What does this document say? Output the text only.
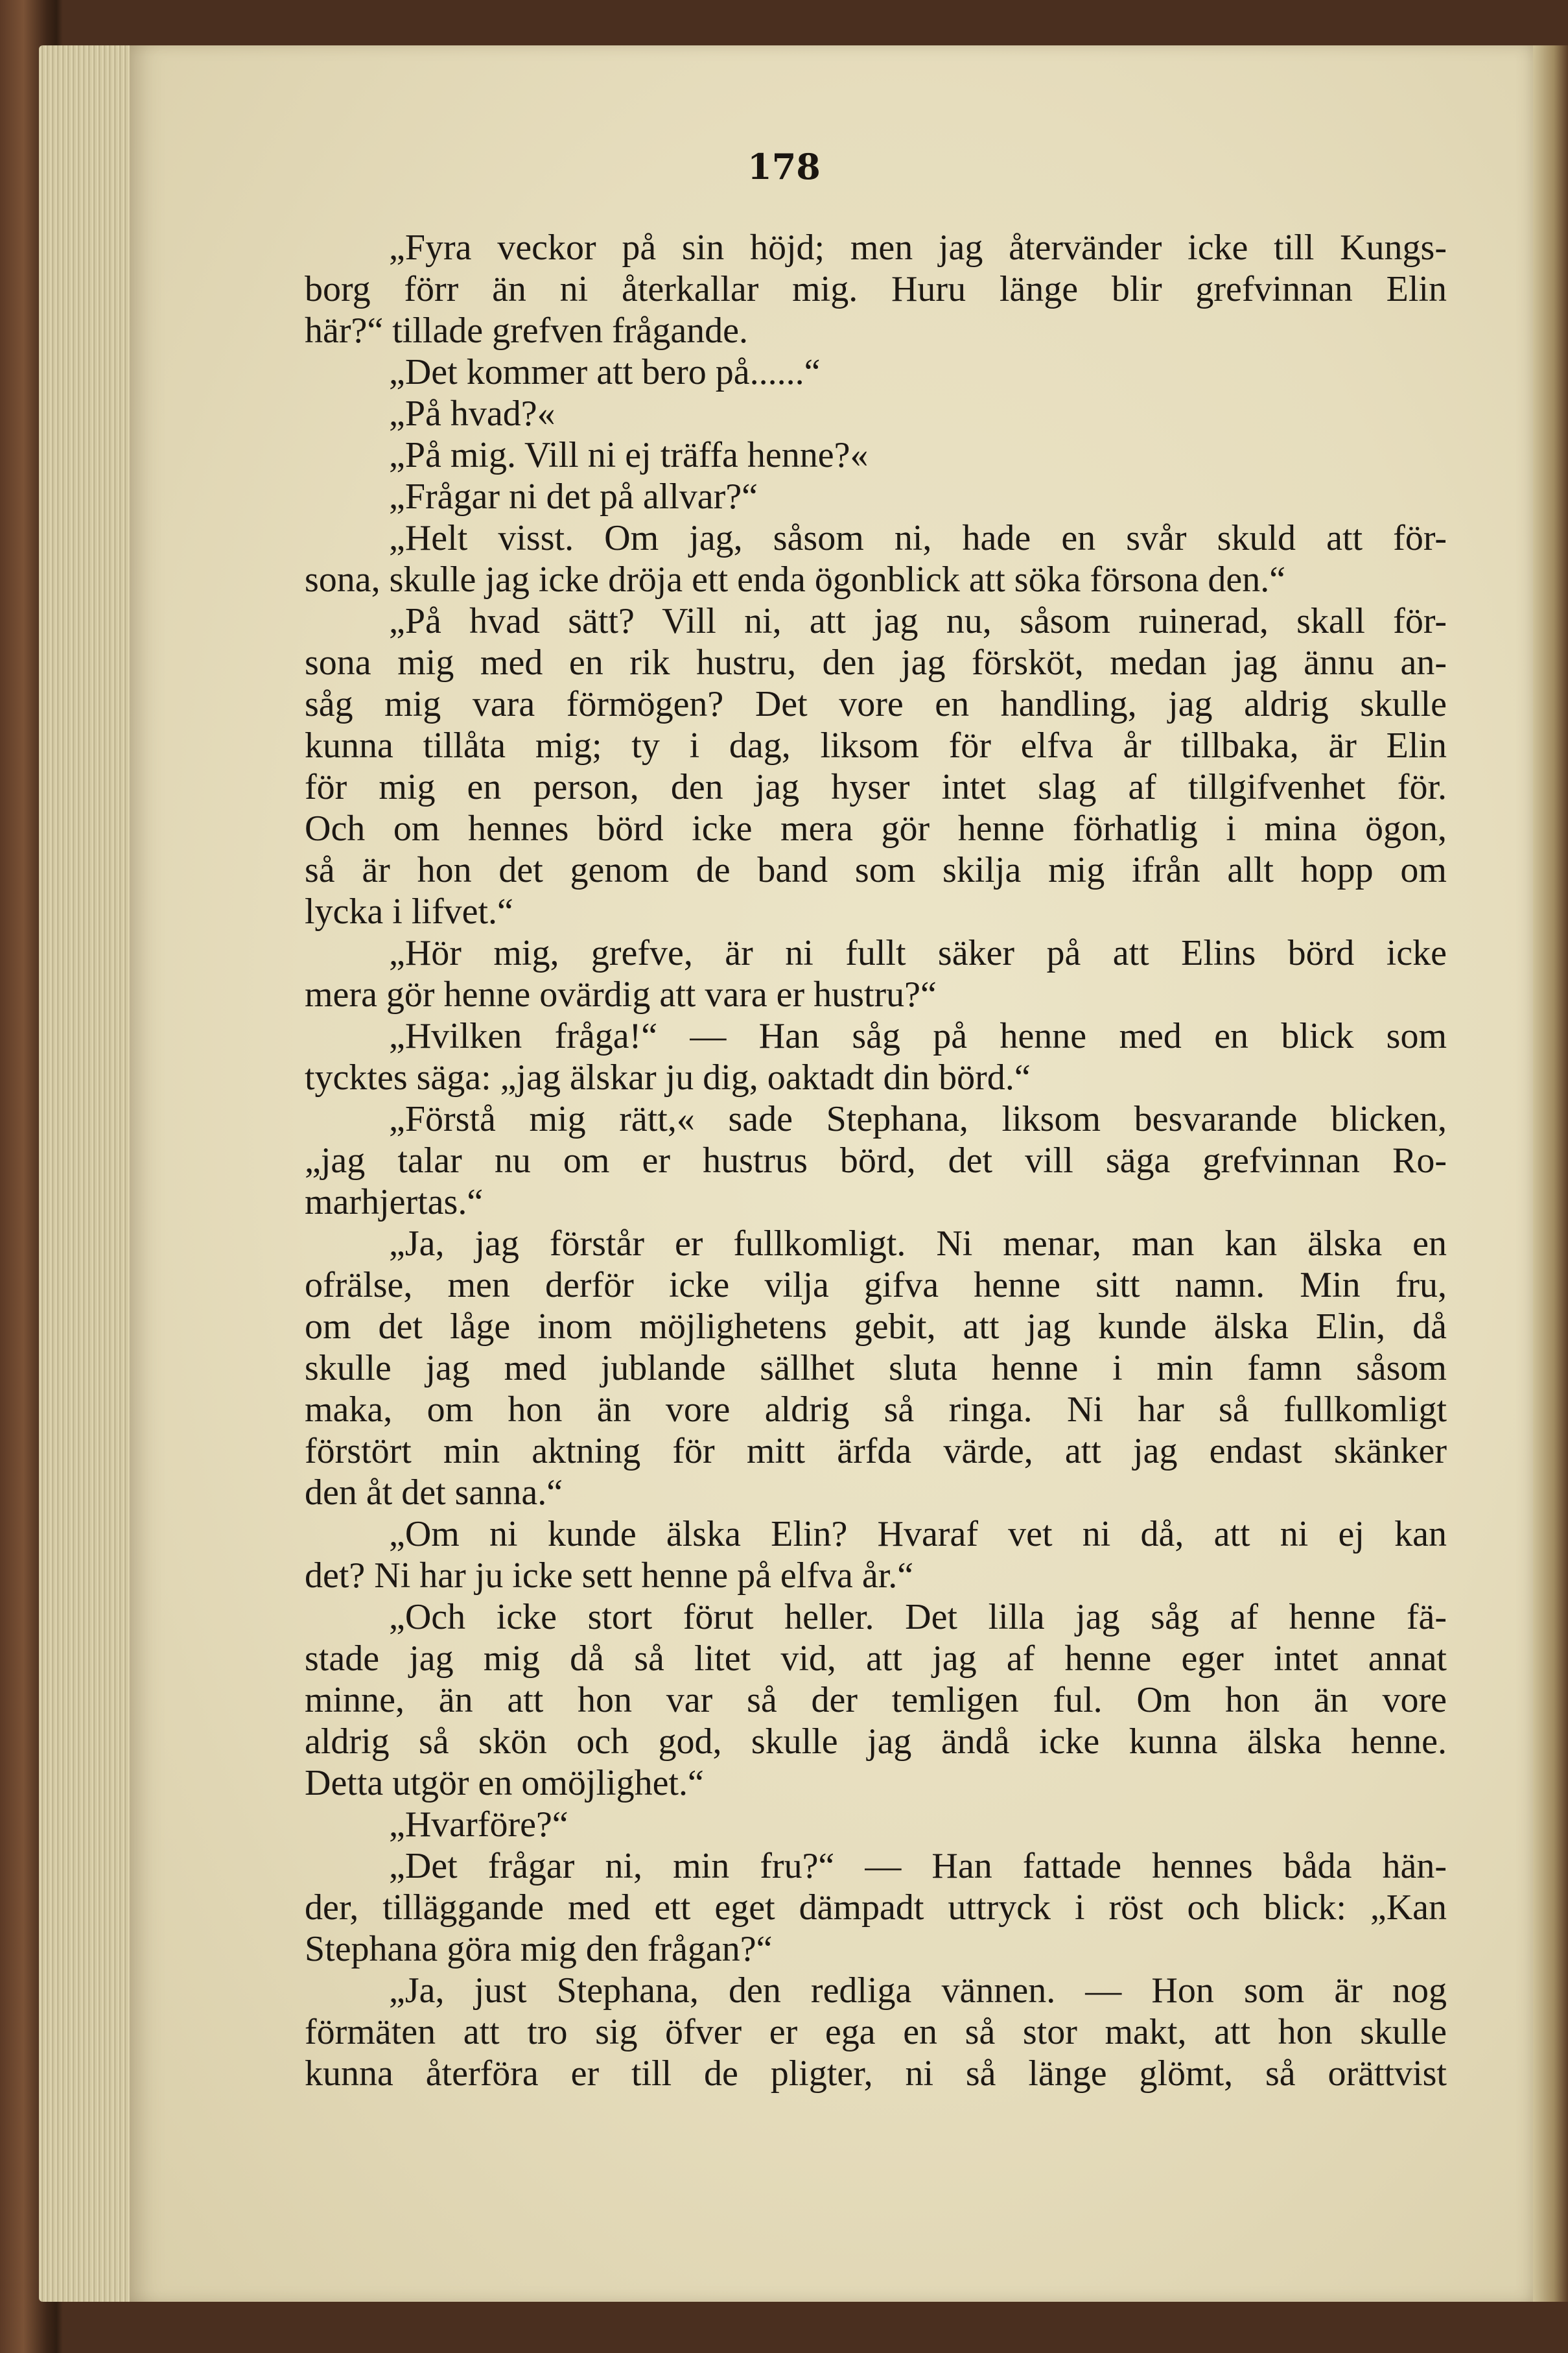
178
„Fyra veckor på sin höjd; men jag återvänder icke till Kungs-
borg förr än ni återkallar mig. Huru länge blir grefvinnan Elin
här?“ tillade grefven frågande.
„Det kommer att bero på......“
„På hvad?«
„På mig. Vill ni ej träffa henne?«
„Frågar ni det på allvar?“
„Helt visst. Om jag, såsom ni, hade en svår skuld att för-
sona, skulle jag icke dröja ett enda ögonblick att söka försona den.“
„På hvad sätt? Vill ni, att jag nu, såsom ruinerad, skall för-
sona mig med en rik hustru, den jag försköt, medan jag ännu an-
såg mig vara förmögen? Det vore en handling, jag aldrig skulle
kunna tillåta mig; ty i dag, liksom för elfva år tillbaka, är Elin
för mig en person, den jag hyser intet slag af tillgifvenhet för.
Och om hennes börd icke mera gör henne förhatlig i mina ögon,
så är hon det genom de band som skilja mig ifrån allt hopp om
lycka i lifvet.“
„Hör mig, grefve, är ni fullt säker på att Elins börd icke
mera gör henne ovärdig att vara er hustru?“
„Hvilken fråga!“ — Han såg på henne med en blick som
tycktes säga: „jag älskar ju dig, oaktadt din börd.“
„Förstå mig rätt,« sade Stephana, liksom besvarande blicken,
„jag talar nu om er hustrus börd, det vill säga grefvinnan Ro-
marhjertas.“
„Ja, jag förstår er fullkomligt. Ni menar, man kan älska en
ofrälse, men derför icke vilja gifva henne sitt namn. Min fru,
om det låge inom möjlighetens gebit, att jag kunde älska Elin, då
skulle jag med jublande sällhet sluta henne i min famn såsom
maka, om hon än vore aldrig så ringa. Ni har så fullkomligt
förstört min aktning för mitt ärfda värde, att jag endast skänker
den åt det sanna.“
„Om ni kunde älska Elin? Hvaraf vet ni då, att ni ej kan
det? Ni har ju icke sett henne på elfva år.“
„Och icke stort förut heller. Det lilla jag såg af henne fä-
stade jag mig då så litet vid, att jag af henne eger intet annat
minne, än att hon var så der temligen ful. Om hon än vore
aldrig så skön och god, skulle jag ändå icke kunna älska henne.
Detta utgör en omöjlighet.“
„Hvarföre?“
„Det frågar ni, min fru?“ — Han fattade hennes båda hän-
der, tilläggande med ett eget dämpadt uttryck i röst och blick: „Kan
Stephana göra mig den frågan?“
„Ja, just Stephana, den redliga vännen. — Hon som är nog
förmäten att tro sig öfver er ega en så stor makt, att hon skulle
kunna återföra er till de pligter, ni så länge glömt, så orättvist
